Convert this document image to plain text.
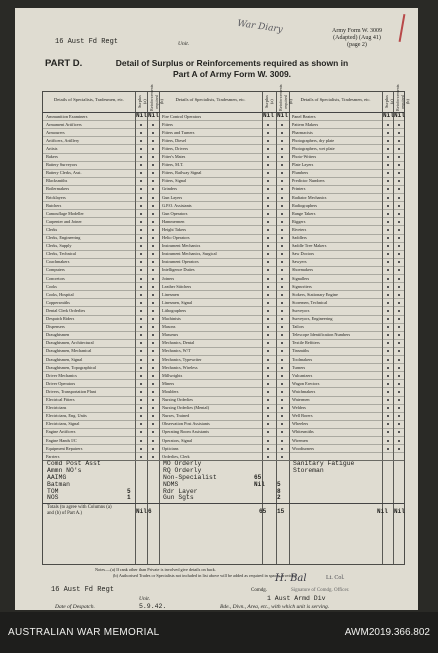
16 Aust Fd Regt	Unit.
War Diary	Army Form W. 3009
(Adapted) (Aug 41)
(page 2)
PART D.	Detail of Surplus or Reinforcements required as shown in
Part A of Army Form W. 3009.
Details of Specialists, Tradesmen, etc.	Surplus (a) Reinforcements required (b)
Details of Specialists, Tradesmen, etc.	Surplus (a) Reinforcements required (b)
Details of Specialists, Tradesmen, etc.	Surplus (a) Reinforcements required (b)
Ammunition Examiners	Nil Nil
Armament Artificers
Armourers
Artificers, Artillery
Artists
Bakers
Battery Surveyors
Battery Clerks, Asst.
Blacksmiths
Boilermakers
Bricklayers
Butchers
Camouflage Modeller
Carpenter and Joiner
Clerks
Clerks, Engineering
Clerks, Supply
Clerks, Technical
Coachmakers
Computers
Concretors
Cooks
Cooks, Hospital
Coppersmiths
Dental Clerk Orderlies
Despatch Riders
Dispensers
Draughtsmen
Draughtsmen, Architectural
Draughtsmen, Mechanical
Draughtsmen, Signal
Draughtsmen, Topographical
Driver Mechanics
Driver Operators
Drivers, Transportation Plant
Electrical Fitters
Electricians
Electricians, Eng. Units
Electricians, Signal
Engine Artificers
Engine Hands I/C
Equipment Repairers
Farriers
Fire Control Operators	Nil Nil
Fitters
Fitters and Turners
Fitters, Diesel
Fitters, Drivers
Fitter's Mates
Fitters, M.T.
Fitters, Railway Signal
Fitters, Signal
Grinders
Gun Layers
G.P.O. Assistants
Gun Operators
Hammermen
Height Takers
Helio Operators
Instrument Mechanics
Instrument Mechanics, Surgical
Instrument Operators
Intelligence Duties
Joiners
Leather Stitchers
Linesmen
Linesmen, Signal
Lithographers
Machinists
Masons
Masseurs
Mechanics, Dental
Mechanics, W/T
Mechanics, Typewriter
Mechanics, Wireless
Millwrights
Miners
Moulders
Nursing Orderlies
Nursing Orderlies (Mental)
Nurses, Trained
Observation Post Assistants
Operating Room Assistants
Operators, Signal
Opticians
Orderlies, Clerk
Panel Beaters	Nil Nil
Pattern Makers
Pharmacists
Photographers, dry plate
Photographers, wet plate
Photo-Writers
Plate Layers
Plumbers
Predictor Numbers
Printers
Radiator Mechanics
Radiographers
Range Takers
Riggers
Riveters
Saddlers
Saddle Tree Makers
Saw Doctors
Sawyers
Shoemakers
Signallers
Signwriters
Stokers, Stationary Engine
Storemen, Technical
Surveyors
Surveyors, Engineering
Tailors
Telescope Identification Numbers
Textile Refitters
Tinsmiths
Toolmakers
Turners
Vulcanizers
Wagon Erectors
Watchmakers
Watermen
Welders
Well Borers
Wheelers
Whitesmiths
Wiremen
Woodturners
Comd Post Asst
Ammn NO's
AAIMG
Batman
TOM	5
NOS	1
MO Orderly
RQ Orderly
Non-Specialist	65
NDMS	Nil 5
Rdr Layer	8
Gun Sgts	2
Sanitary Fatigue
Storeman
Nil 6	65 15	Nil Nil
Totals (to agree with Columns (a) and (b) of Part A.)
Notes.—(a) If rank other than Private is involved give details on back.
(b) Authorised Trades or Specialists not included in list above will be added as required in spaces provided.
H. Bal	Lt. Col.
Comdg.	Signature of Comdg. Officer.
16 Aust Fd Regt
Unit.	1 Aust Armd Div
Date of Despatch.	5.9.42.	Bde., Divn., Area, etc., with which unit is serving.
AUSTRALIAN WAR MEMORIAL	AWM2019.366.802
